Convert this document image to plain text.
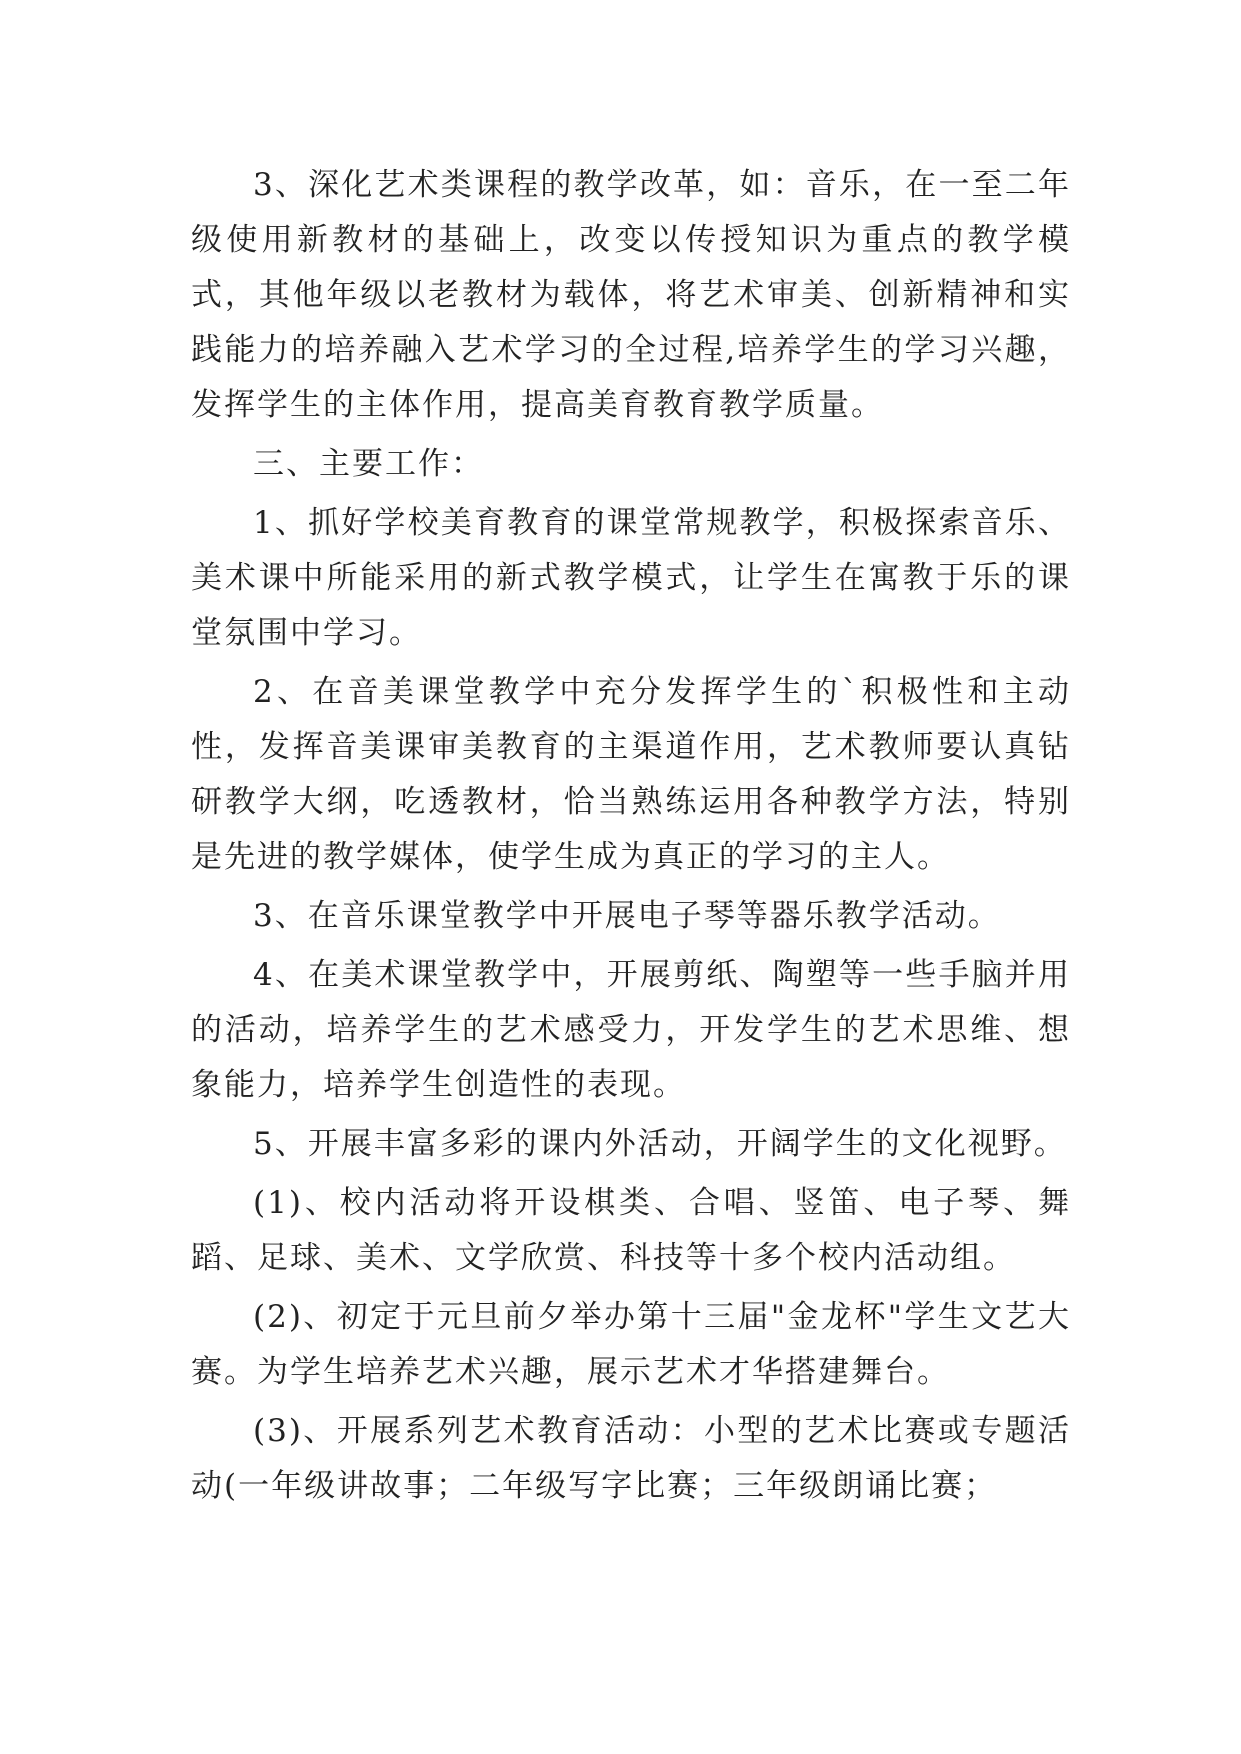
3、深化艺术类课程的教学改革，如：音乐，在一至二年级使用新教材的基础上，改变以传授知识为重点的教学模式，其他年级以老教材为载体，将艺术审美、创新精神和实践能力的培养融入艺术学习的全过程,培养学生的学习兴趣，发挥学生的主体作用，提高美育教育教学质量。

三、主要工作：

1、抓好学校美育教育的课堂常规教学，积极探索音乐、美术课中所能采用的新式教学模式，让学生在寓教于乐的课堂氛围中学习。

2、在音美课堂教学中充分发挥学生的`积极性和主动性，发挥音美课审美教育的主渠道作用，艺术教师要认真钻研教学大纲，吃透教材，恰当熟练运用各种教学方法，特别是先进的教学媒体，使学生成为真正的学习的主人。

3、在音乐课堂教学中开展电子琴等器乐教学活动。

4、在美术课堂教学中，开展剪纸、陶塑等一些手脑并用的活动，培养学生的艺术感受力，开发学生的艺术思维、想象能力，培养学生创造性的表现。

5、开展丰富多彩的课内外活动，开阔学生的文化视野。

(1)、校内活动将开设棋类、合唱、竖笛、电子琴、舞蹈、足球、美术、文学欣赏、科技等十多个校内活动组。

(2)、初定于元旦前夕举办第十三届"金龙杯"学生文艺大赛。为学生培养艺术兴趣，展示艺术才华搭建舞台。

(3)、开展系列艺术教育活动：小型的艺术比赛或专题活动(一年级讲故事；二年级写字比赛；三年级朗诵比赛；
